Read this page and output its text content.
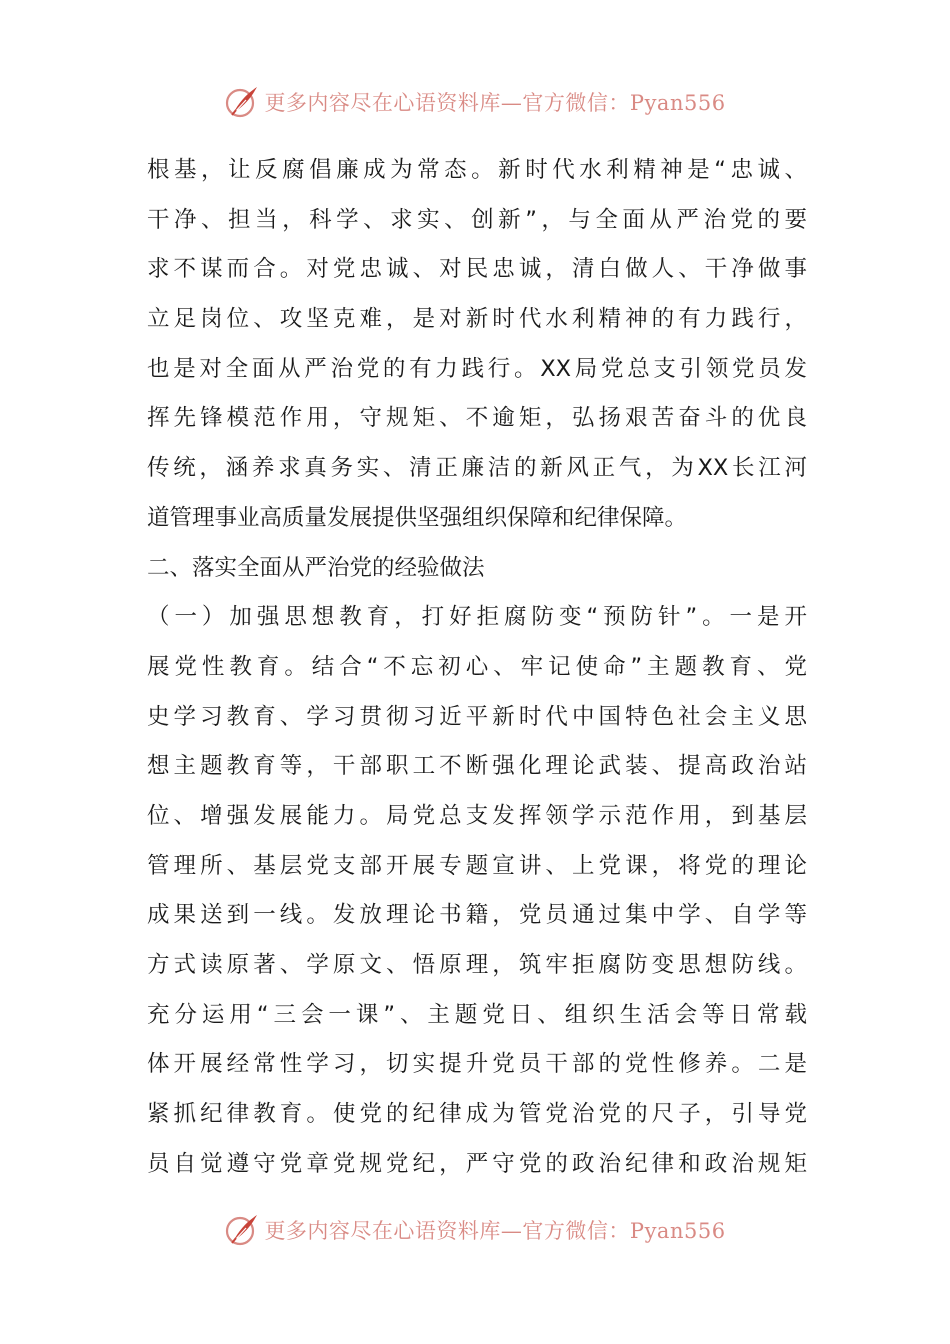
更多内容尽在心语资料库—官方微信：Pyan556
根基，让反腐倡廉成为常态。新时代水利精神是“忠诚、
干净、担当，科学、求实、创新”，与全面从严治党的要
求不谋而合。对党忠诚、对民忠诚，清白做人、干净做事
立足岗位、攻坚克难，是对新时代水利精神的有力践行，
也是对全面从严治党的有力践行。XX局党总支引领党员发
挥先锋模范作用，守规矩、不逾矩，弘扬艰苦奋斗的优良
传统，涵养求真务实、清正廉洁的新风正气，为XX长江河
道管理事业高质量发展提供坚强组织保障和纪律保障。
二、落实全面从严治党的经验做法
（一）加强思想教育，打好拒腐防变“预防针”。一是开
展党性教育。结合“不忘初心、牢记使命”主题教育、党
史学习教育、学习贯彻习近平新时代中国特色社会主义思
想主题教育等，干部职工不断强化理论武装、提高政治站
位、增强发展能力。局党总支发挥领学示范作用，到基层
管理所、基层党支部开展专题宣讲、上党课，将党的理论
成果送到一线。发放理论书籍，党员通过集中学、自学等
方式读原著、学原文、悟原理，筑牢拒腐防变思想防线。
充分运用“三会一课”、主题党日、组织生活会等日常载
体开展经常性学习，切实提升党员干部的党性修养。二是
紧抓纪律教育。使党的纪律成为管党治党的尺子，引导党
员自觉遵守党章党规党纪，严守党的政治纪律和政治规矩
更多内容尽在心语资料库—官方微信：Pyan556
